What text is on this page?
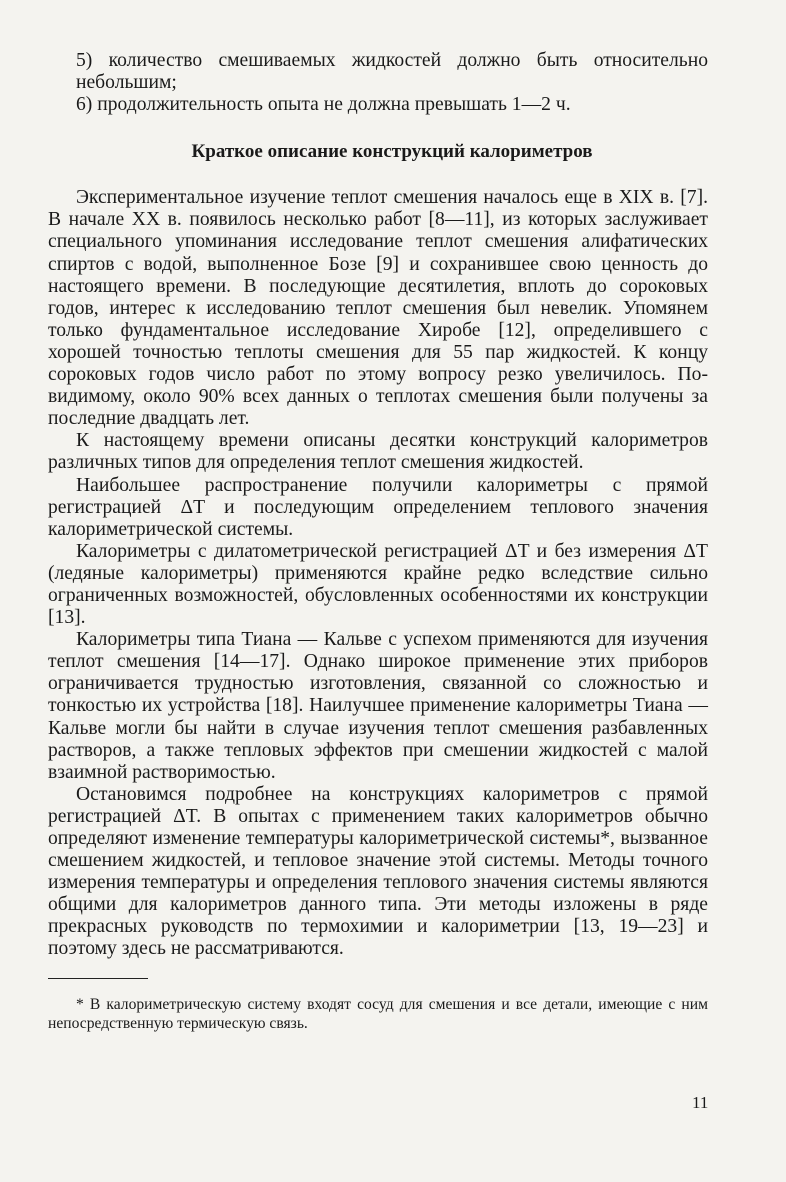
5) количество смешиваемых жидкостей должно быть относительно небольшим;

6) продолжительность опыта не должна превышать 1—2 ч.

Краткое описание конструкций калориметров

Экспериментальное изучение теплот смешения началось еще в XIX в. [7]. В начале XX в. появилось несколько работ [8—11], из которых заслуживает специального упоминания исследование теплот смешения алифатических спиртов с водой, выполненное Бозе [9] и сохранившее свою ценность до настоящего времени. В последующие десятилетия, вплоть до сороковых годов, интерес к исследованию теплот смешения был невелик. Упомянем только фундаментальное исследование Хиробе [12], определившего с хорошей точностью теплоты смешения для 55 пар жидкостей. К концу сороковых годов число работ по этому вопросу резко увеличилось. По-видимому, около 90% всех данных о теплотах смешения были получены за последние двадцать лет.

К настоящему времени описаны десятки конструкций калориметров различных типов для определения теплот смешения жидкостей.

Наибольшее распространение получили калориметры с прямой регистрацией ΔT и последующим определением теплового значения калориметрической системы.

Калориметры с дилатометрической регистрацией ΔT и без измерения ΔT (ледяные калориметры) применяются крайне редко вследствие сильно ограниченных возможностей, обусловленных особенностями их конструкции [13].

Калориметры типа Тиана — Кальве с успехом применяются для изучения теплот смешения [14—17]. Однако широкое применение этих приборов ограничивается трудностью изготовления, связанной со сложностью и тонкостью их устройства [18]. Наилучшее применение калориметры Тиана — Кальве могли бы найти в случае изучения теплот смешения разбавленных растворов, а также тепловых эффектов при смешении жидкостей с малой взаимной растворимостью.

Остановимся подробнее на конструкциях калориметров с прямой регистрацией ΔT. В опытах с применением таких калориметров обычно определяют изменение температуры калориметрической системы*, вызванное смешением жидкостей, и тепловое значение этой системы. Методы точного измерения температуры и определения теплового значения системы являются общими для калориметров данного типа. Эти методы изложены в ряде прекрасных руководств по термохимии и калориметрии [13, 19—23] и поэтому здесь не рассматриваются.

* В калориметрическую систему входят сосуд для смешения и все детали, имеющие с ним непосредственную термическую связь.

11
